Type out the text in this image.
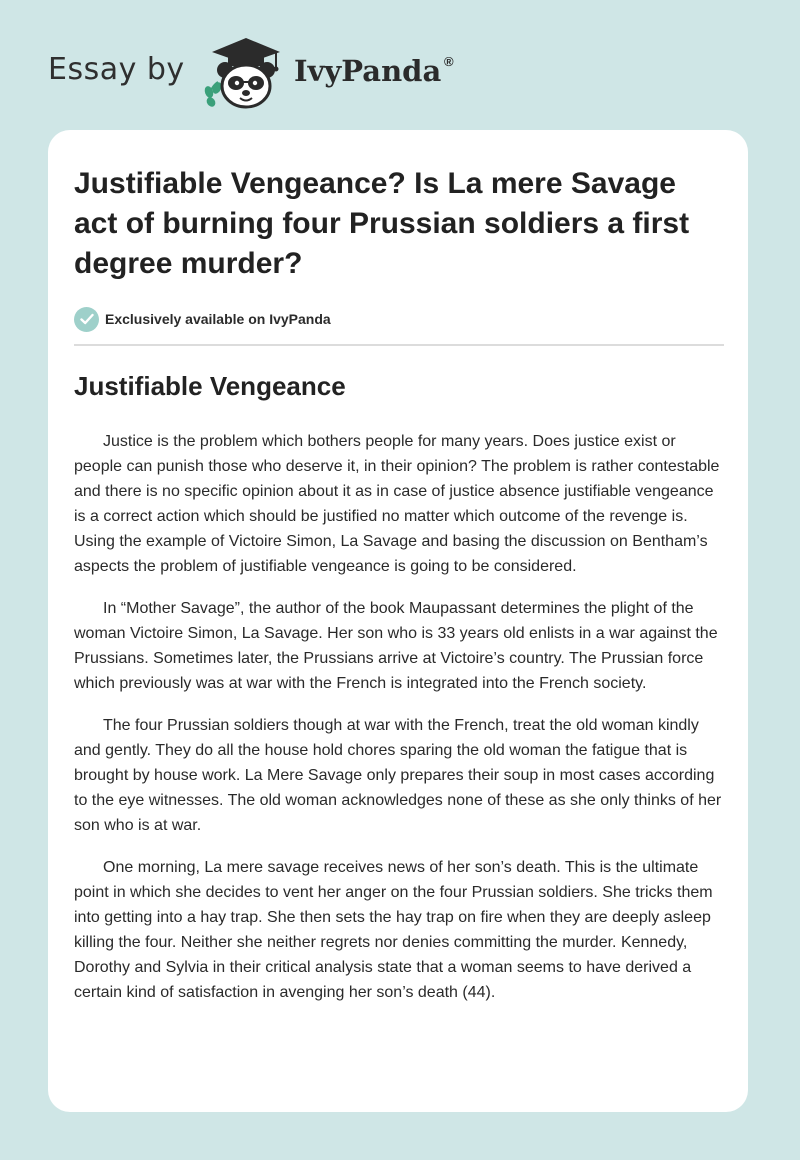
Essay by	IvyPanda ®
Justifiable Vengeance? Is La mere Savage act of burning four Prussian soldiers a first degree murder?
Exclusively available on IvyPanda
Justifiable Vengeance

Justice is the problem which bothers people for many years. Does justice exist or people can punish those who deserve it, in their opinion? The problem is rather contestable and there is no specific opinion about it as in case of justice absence justifiable vengeance is a correct action which should be justified no matter which outcome of the revenge is. Using the example of Victoire Simon, La Savage and basing the discussion on Bentham’s aspects the problem of justifiable vengeance is going to be considered.

In “Mother Savage”, the author of the book Maupassant determines the plight of the woman Victoire Simon, La Savage. Her son who is 33 years old enlists in a war against the Prussians. Sometimes later, the Prussians arrive at Victoire’s country. The Prussian force which previously was at war with the French is integrated into the French society.

The four Prussian soldiers though at war with the French, treat the old woman kindly and gently. They do all the house hold chores sparing the old woman the fatigue that is brought by house work. La Mere Savage only prepares their soup in most cases according to the eye witnesses. The old woman acknowledges none of these as she only thinks of her son who is at war.

One morning, La mere savage receives news of her son’s death. This is the ultimate point in which she decides to vent her anger on the four Prussian soldiers. She tricks them into getting into a hay trap. She then sets the hay trap on fire when they are deeply asleep killing the four. Neither she neither regrets nor denies committing the murder. Kennedy, Dorothy and Sylvia in their critical analysis state that a woman seems to have derived a certain kind of satisfaction in avenging her son’s death (44).
